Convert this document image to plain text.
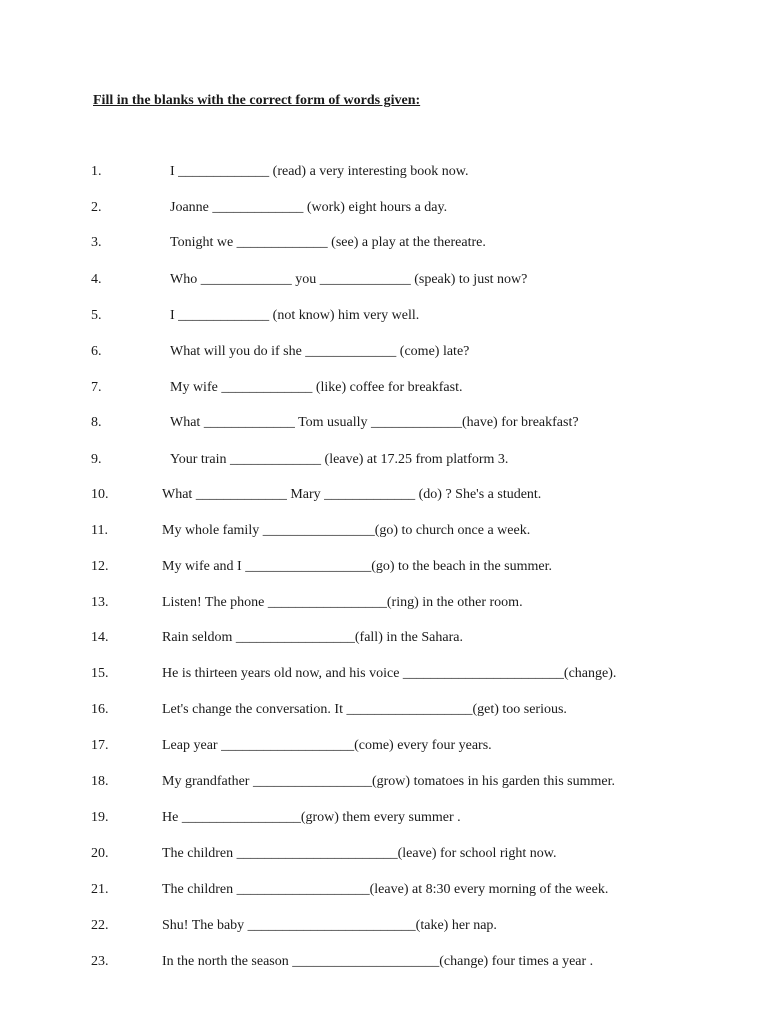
Fill in the blanks with the correct form of words given:
1.	I _____________ (read) a very interesting book now.
2.	Joanne _____________ (work) eight hours a day.
3.	Tonight we _____________ (see) a play at the thereatre.
4.	Who _____________ you _____________ (speak) to just now?
5.	I _____________ (not know) him very well.
6.	What will you do if she _____________ (come) late?
7.	My wife _____________ (like) coffee for breakfast.
8.	What _____________ Tom usually _____________(have) for breakfast?
9.	Your train _____________ (leave) at 17.25 from platform 3.
10.	What _____________ Mary _____________ (do) ? She's a student.
11.	My whole family ________________(go) to church once a week.
12.	My wife and I __________________(go) to the beach in the summer.
13.	Listen! The phone _________________(ring) in the other room.
14.	Rain seldom _________________(fall) in the Sahara.
15.	He is thirteen years old now, and his voice _______________________(change).
16.	Let's change the conversation. It __________________(get) too serious.
17.	Leap year ___________________(come) every four years.
18.	My grandfather _________________(grow) tomatoes in his garden this summer.
19.	He _________________(grow) them every summer .
20.	The children _______________________(leave) for school right now.
21.	The children ___________________(leave) at 8:30 every morning of the week.
22.	Shu! The baby ________________________(take) her nap.
23.	In the north the season _____________________(change) four times a year .
